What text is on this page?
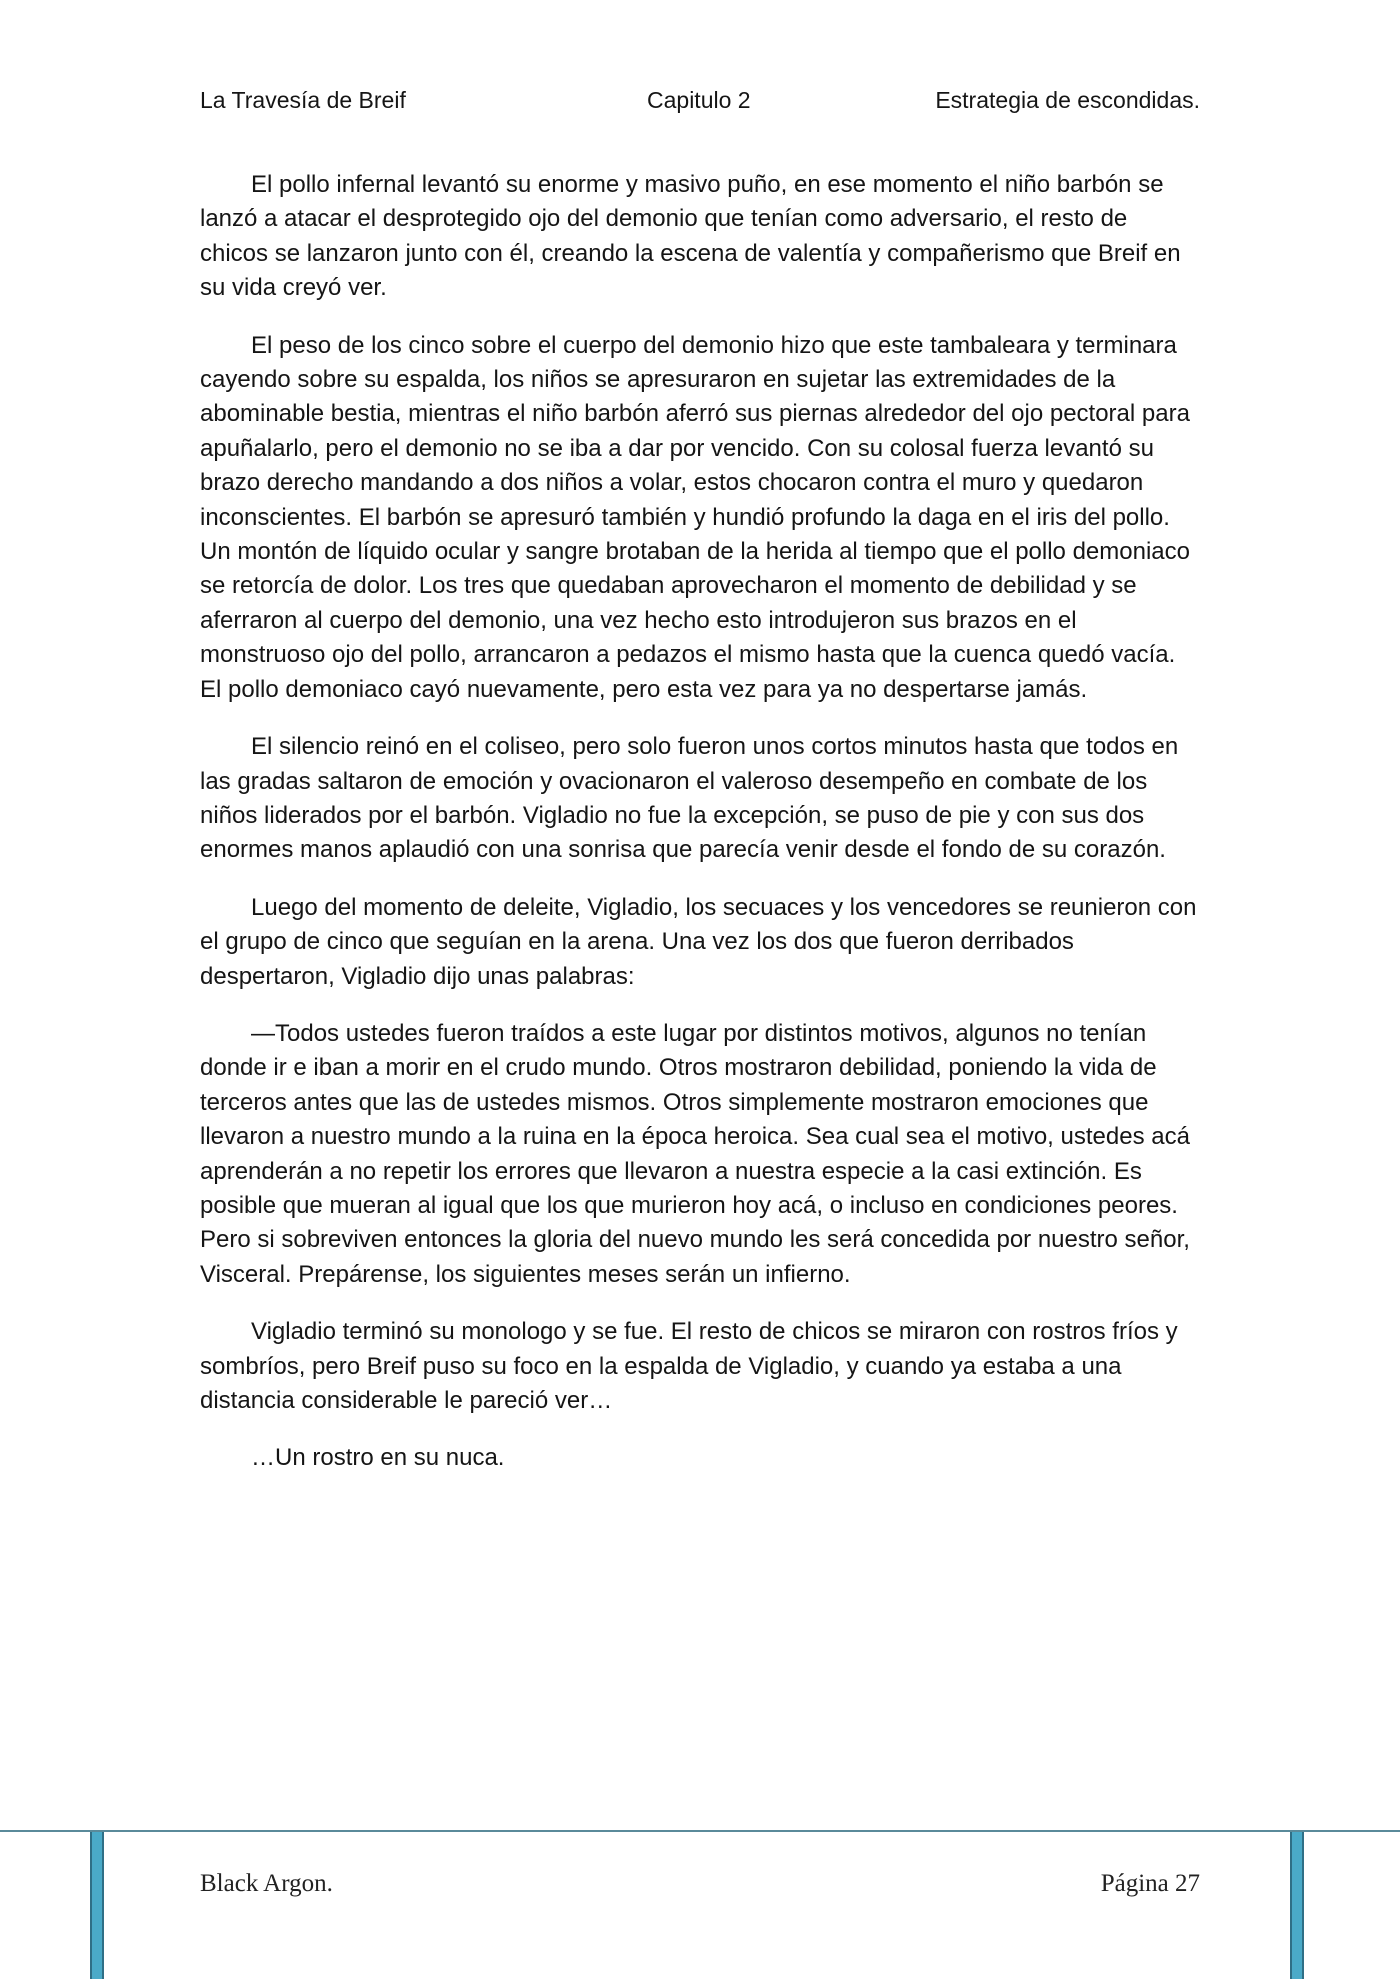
La Travesía de Breif	Capitulo 2	Estrategia de escondidas.

El pollo infernal levantó su enorme y masivo puño, en ese momento el niño barbón se lanzó a atacar el desprotegido ojo del demonio que tenían como adversario, el resto de chicos se lanzaron junto con él, creando la escena de valentía y compañerismo que Breif en su vida creyó ver.

El peso de los cinco sobre el cuerpo del demonio hizo que este tambaleara y terminara cayendo sobre su espalda, los niños se apresuraron en sujetar las extremidades de la abominable bestia, mientras el niño barbón aferró sus piernas alrededor del ojo pectoral para apuñalarlo, pero el demonio no se iba a dar por vencido. Con su colosal fuerza levantó su brazo derecho mandando a dos niños a volar, estos chocaron contra el muro y quedaron inconscientes. El barbón se apresuró también y hundió profundo la daga en el iris del pollo. Un montón de líquido ocular y sangre brotaban de la herida al tiempo que el pollo demoniaco se retorcía de dolor. Los tres que quedaban aprovecharon el momento de debilidad y se aferraron al cuerpo del demonio, una vez hecho esto introdujeron sus brazos en el monstruoso ojo del pollo, arrancaron a pedazos el mismo hasta que la cuenca quedó vacía. El pollo demoniaco cayó nuevamente, pero esta vez para ya no despertarse jamás.

El silencio reinó en el coliseo, pero solo fueron unos cortos minutos hasta que todos en las gradas saltaron de emoción y ovacionaron el valeroso desempeño en combate de los niños liderados por el barbón. Vigladio no fue la excepción, se puso de pie y con sus dos enormes manos aplaudió con una sonrisa que parecía venir desde el fondo de su corazón.

Luego del momento de deleite, Vigladio, los secuaces y los vencedores se reunieron con el grupo de cinco que seguían en la arena. Una vez los dos que fueron derribados despertaron, Vigladio dijo unas palabras:

—Todos ustedes fueron traídos a este lugar por distintos motivos, algunos no tenían donde ir e iban a morir en el crudo mundo. Otros mostraron debilidad, poniendo la vida de terceros antes que las de ustedes mismos. Otros simplemente mostraron emociones que llevaron a nuestro mundo a la ruina en la época heroica. Sea cual sea el motivo, ustedes acá aprenderán a no repetir los errores que llevaron a nuestra especie a la casi extinción. Es posible que mueran al igual que los que murieron hoy acá, o incluso en condiciones peores. Pero si sobreviven entonces la gloria del nuevo mundo les será concedida por nuestro señor, Visceral. Prepárense, los siguientes meses serán un infierno.

Vigladio terminó su monologo y se fue. El resto de chicos se miraron con rostros fríos y sombríos, pero Breif puso su foco en la espalda de Vigladio, y cuando ya estaba a una distancia considerable le pareció ver…

…Un rostro en su nuca.

Black Argon.	Página 27
